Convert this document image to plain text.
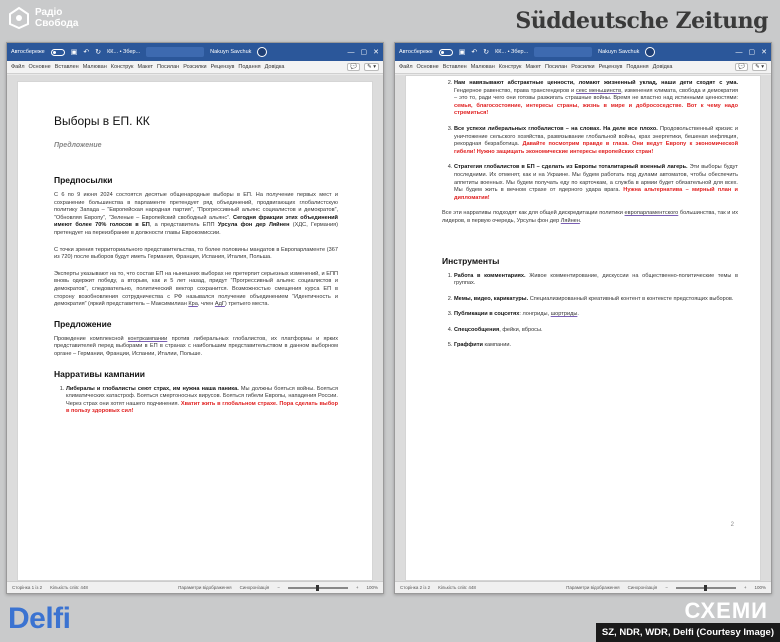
Радіо
Свобода	Süddeutsche Zeitung
Автосбереже	▣ ↶ ↻ КК... • Збер...	Nakuyn Savchuk	— ▢ ✕
Файл Основне Вставлен Малюван Конструк Макет Посилан Розсилки Рецензув Подання Довідка	💬	✎ ▾
Выборы в ЕП. КК
Предложение
Предпосылки
С 6 по 9 июня 2024 состоятся десятые общенародные выборы в ЕП. На получение первых мест и сохранение большинства в парламенте претендует ряд объединений, продвигающих глобалистскую политику Запада – “Европейская народная партия”, “Прогрессивный альянс социалистов и демократов”, “Обновляя Европу”, “Зеленые – Европейский свободный альянс”. Сегодня фракции этих объединений имеют более 70% голосов в ЕП, а представитель ЕПП Урсула фон дер Ляйнен (ХДС, Германия) претендует на переизбрание в должности главы Еврокомиссии.
С точки зрения территориального представительства, то более половины мандатов в Европарламенте (367 из 720) после выборов будут иметь Германия, Франция, Испания, Италия, Польша.
Эксперты указывают на то, что состав ЕП на нынешних выборах не претерпит серьезных изменений, и ЕПП вновь одержит победу, а вторым, как и 5 лет назад, придут “Прогрессивный альянс социалистов и демократов”, следовательно, политический вектор сохранится. Возможностью смещения курса ЕП в сторону возобновления сотрудничества с РФ назывался получение объединением “Идентичность и демократия” (яркий представитель – Максимилиан Кра, член АдГ) третьего места.
Предложение
Проведение комплексной контркампании против либеральных глобалистов, их платформы и ярких представителей перед выборами в ЕП в странах с наибольшим представительством в данном выборном органе – Германии, Франции, Испании, Италии, Польше.
Нарративы кампании
1. Либералы и глобалисты сеют страх, им нужна наша паника. Мы должны бояться войны. Бояться климатических катастроф. Бояться смертоносных вирусов. Бояться гибели Европы, нападения России. Через страх они хотят нашего подчинения. Хватит жить в глобальном страхе. Пора сделать выбор в пользу здоровых сил!
Сторінка 1 із 2 Кількість слів: 448	Параметри відображення Синхронізація −	+ 100%
Автосбереже	▣ ↶ ↻ КК... • Збер...	Nakuyn Savchuk	— ▢ ✕
Файл Основне Вставлен Малюван Конструк Макет Посилан Розсилки Рецензув Подання Довідка	💬	✎ ▾
2. Нам навязывают абстрактные ценности, ломают жизненный уклад, наши дети сходят с ума. Гендерное равенство, права трансгендеров и секс меньшинств, изменения климата, свобода и демократия – это то, ради чего они готовы разжигать страшные войны. Время не властно над истинными ценностями: семья, благосостояние, интересы страны, жизнь в мире и добрососедстве. Вот к чему надо стремиться!
3. Все успехи либеральных глобалистов – на словах. На деле все плохо. Продовольственный кризис и уничтожение сельского хозяйства, развязывание глобальной войны, крах энергетики, бешеная инфляция, рекордная безработица. Давайте посмотрим правде в глаза. Они ведут Европу к экономической гибели! Нужно защищать экономические интересы европейских стран!
4. Стратегия глобалистов в ЕП – сделать из Европы тоталитарный военный лагерь. Эти выборы будут последними. Их отменят, как и на Украине. Мы будем работать под дулами автоматов, чтобы обеспечить аппетиты военных. Мы будем получать еду по карточкам, а служба в армии будет обязательной для всех. Мы будем жить в вечном страхе от ядерного удара врага. Нужна альтернатива – мирный план и дипломатия!
Все эти нарративы подходят как для общей дискредитации политики европарламентского большинства, так и их лидеров, в первую очередь, Урсулы фон дер Ляйнен.
Инструменты
1. Работа в комментариях. Живое комментирование, дискуссии на общественно-политические темы в группах.
2. Мемы, видео, карикатуры. Специализированный креативный контент в контексте предстоящих выборов.
3. Публикации в соцсетях: лонгриды, шортриды.
4. Спецсообщения, фейки, вбросы.
5. Граффити кампании.
2
Сторінка 2 із 2 Кількість слів: 448	Параметри відображення Синхронізація −	+ 100%
Delfi	СХЕМИ
SZ, NDR, WDR, Delfi (Courtesy Image)
